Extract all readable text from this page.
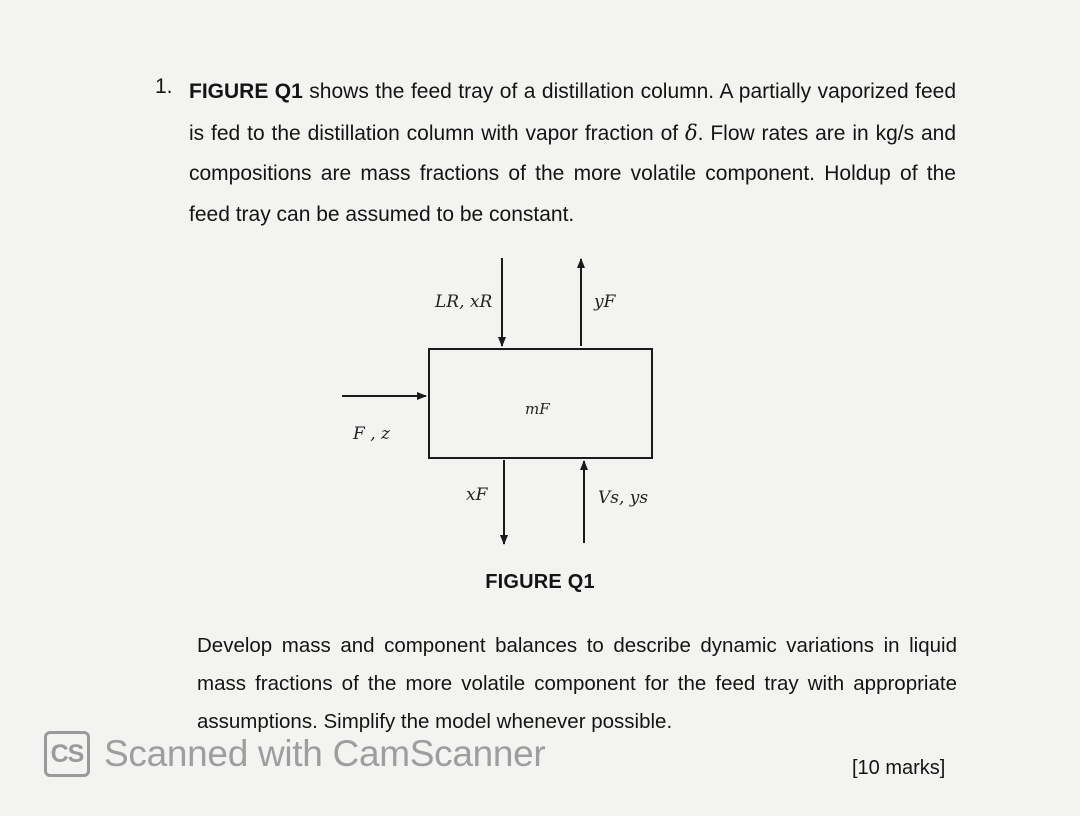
1. FIGURE Q1 shows the feed tray of a distillation column. A partially vaporized feed is fed to the distillation column with vapor fraction of δ. Flow rates are in kg/s and compositions are mass fractions of the more volatile component. Holdup of the feed tray can be assumed to be constant.

LR, xR	yF
mF
F , z
xF	Vs, ys
FIGURE Q1

Develop mass and component balances to describe dynamic variations in liquid mass fractions of the more volatile component for the feed tray with appropriate assumptions. Simplify the model whenever possible.

[10 marks]
CS Scanned with CamScanner
